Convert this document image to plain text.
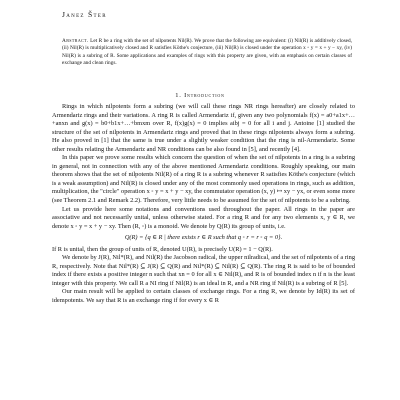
Janez Šter
Abstract. Let R be a ring with the set of nilpotents Nil(R). We prove that the following are equivalent: (i) Nil(R) is additively closed, (ii) Nil(R) is multiplicatively closed and R satisfies Köthe's conjecture, (iii) Nil(R) is closed under the operation x ◦ y = x + y − xy, (iv) Nil(R) is a subring of R. Some applications and examples of rings with this property are given, with an emphasis on certain classes of exchange and clean rings.
1. Introduction

Rings in which nilpotents form a subring (we will call these rings NR rings hereafter) are closely related to Armendariz rings and their variations. A ring R is called Armendariz if, given any two polynomials f(x) = a0+a1x+…+anxn and g(x) = b0+b1x+…+bmxm over R, f(x)g(x) = 0 implies aibj = 0 for all i and j. Antoine [1] studied the structure of the set of nilpotents in Armendariz rings and proved that in these rings nilpotents always form a subring. He also proved in [1] that the same is true under a slightly weaker condition that the ring is nil-Armendariz. Some other results relating the Armendariz and NR conditions can be also found in [5], and recently [4].

In this paper we prove some results which concern the question of when the set of nilpotents in a ring is a subring in general, not in connection with any of the above mentioned Armendariz conditions. Roughly speaking, our main theorem shows that the set of nilpotents Nil(R) of a ring R is a subring whenever R satisfies Köthe's conjecture (which is a weak assumption) and Nil(R) is closed under any of the most commonly used operations in rings, such as addition, multiplication, the "circle" operation x ◦ y = x + y − xy, the commutator operation (x, y) ↦ xy − yx, or even some more (see Theorem 2.1 and Remark 2.2). Therefore, very little needs to be assumed for the set of nilpotents to be a subring.

Let us provide here some notations and conventions used throughout the paper. All rings in the paper are associative and not necessarily unital, unless otherwise stated. For a ring R and for any two elements x, y ∈ R, we denote x ◦ y = x + y − xy. Then (R, ◦) is a monoid. We denote by Q(R) its group of units, i.e.

Q(R) = {q ∈ R | there exists r ∈ R such that q ◦ r = r ◦ q = 0}.

If R is unital, then the group of units of R, denoted U(R), is precisely U(R) = 1 − Q(R).

We denote by J(R), Nil*(R), and Nil(R) the Jacobson radical, the upper nilradical, and the set of nilpotents of a ring R, respectively. Note that Nil*(R) ⊆ J(R) ⊆ Q(R) and Nil*(R) ⊆ Nil(R) ⊆ Q(R). The ring R is said to be of bounded index if there exists a positive integer n such that xn = 0 for all x ∈ Nil(R), and R is of bounded index n if n is the least integer with this property. We call R a NI ring if Nil(R) is an ideal in R, and a NR ring if Nil(R) is a subring of R [5].

Our main result will be applied to certain classes of exchange rings. For a ring R, we denote by Id(R) its set of idempotents. We say that R is an exchange ring if for every x ∈ R
